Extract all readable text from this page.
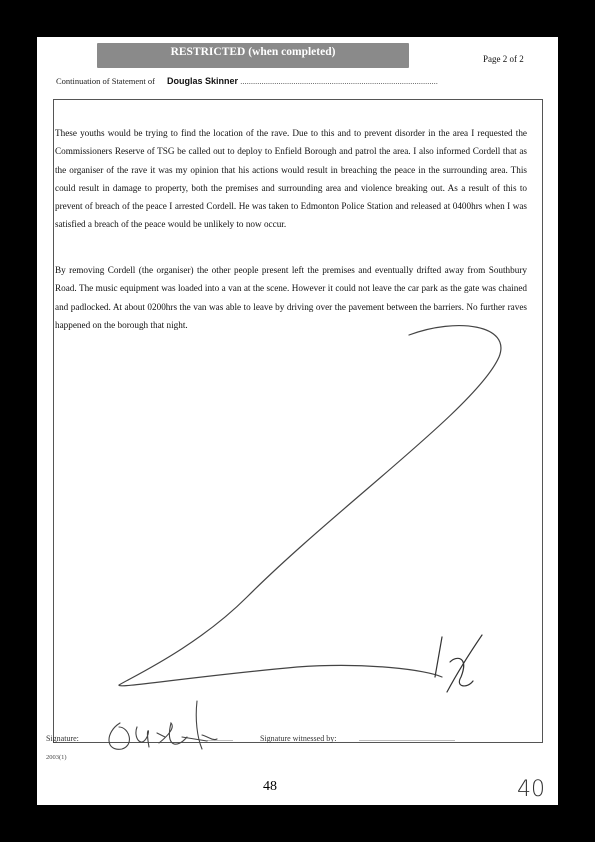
RESTRICTED (when completed)
Page 2 of 2
Continuation of Statement of Douglas Skinner .............................................................................................
These youths would be trying to find the location of the rave. Due to this and to prevent disorder in the area I requested the Commissioners Reserve of TSG be called out to deploy to Enfield Borough and patrol the area. I also informed Cordell that as the organiser of the rave it was my opinion that his actions would result in breaching the peace in the surrounding area. This could result in damage to property, both the premises and surrounding area and violence breaking out. As a result of this to prevent of breach of the peace I arrested Cordell. He was taken to Edmonton Police Station and released at 0400hrs when I was satisfied a breach of the peace would be unlikely to now occur.
By removing Cordell (the organiser) the other people present left the premises and eventually drifted away from Southbury Road. The music equipment was loaded into a van at the scene. However it could not leave the car park as the gate was chained and padlocked. At about 0200hrs the van was able to leave by driving over the pavement between the barriers. No further raves happened on the borough that night.
Signature:	.............	Signature witnessed by:	................................................
2003(1)
48	40
